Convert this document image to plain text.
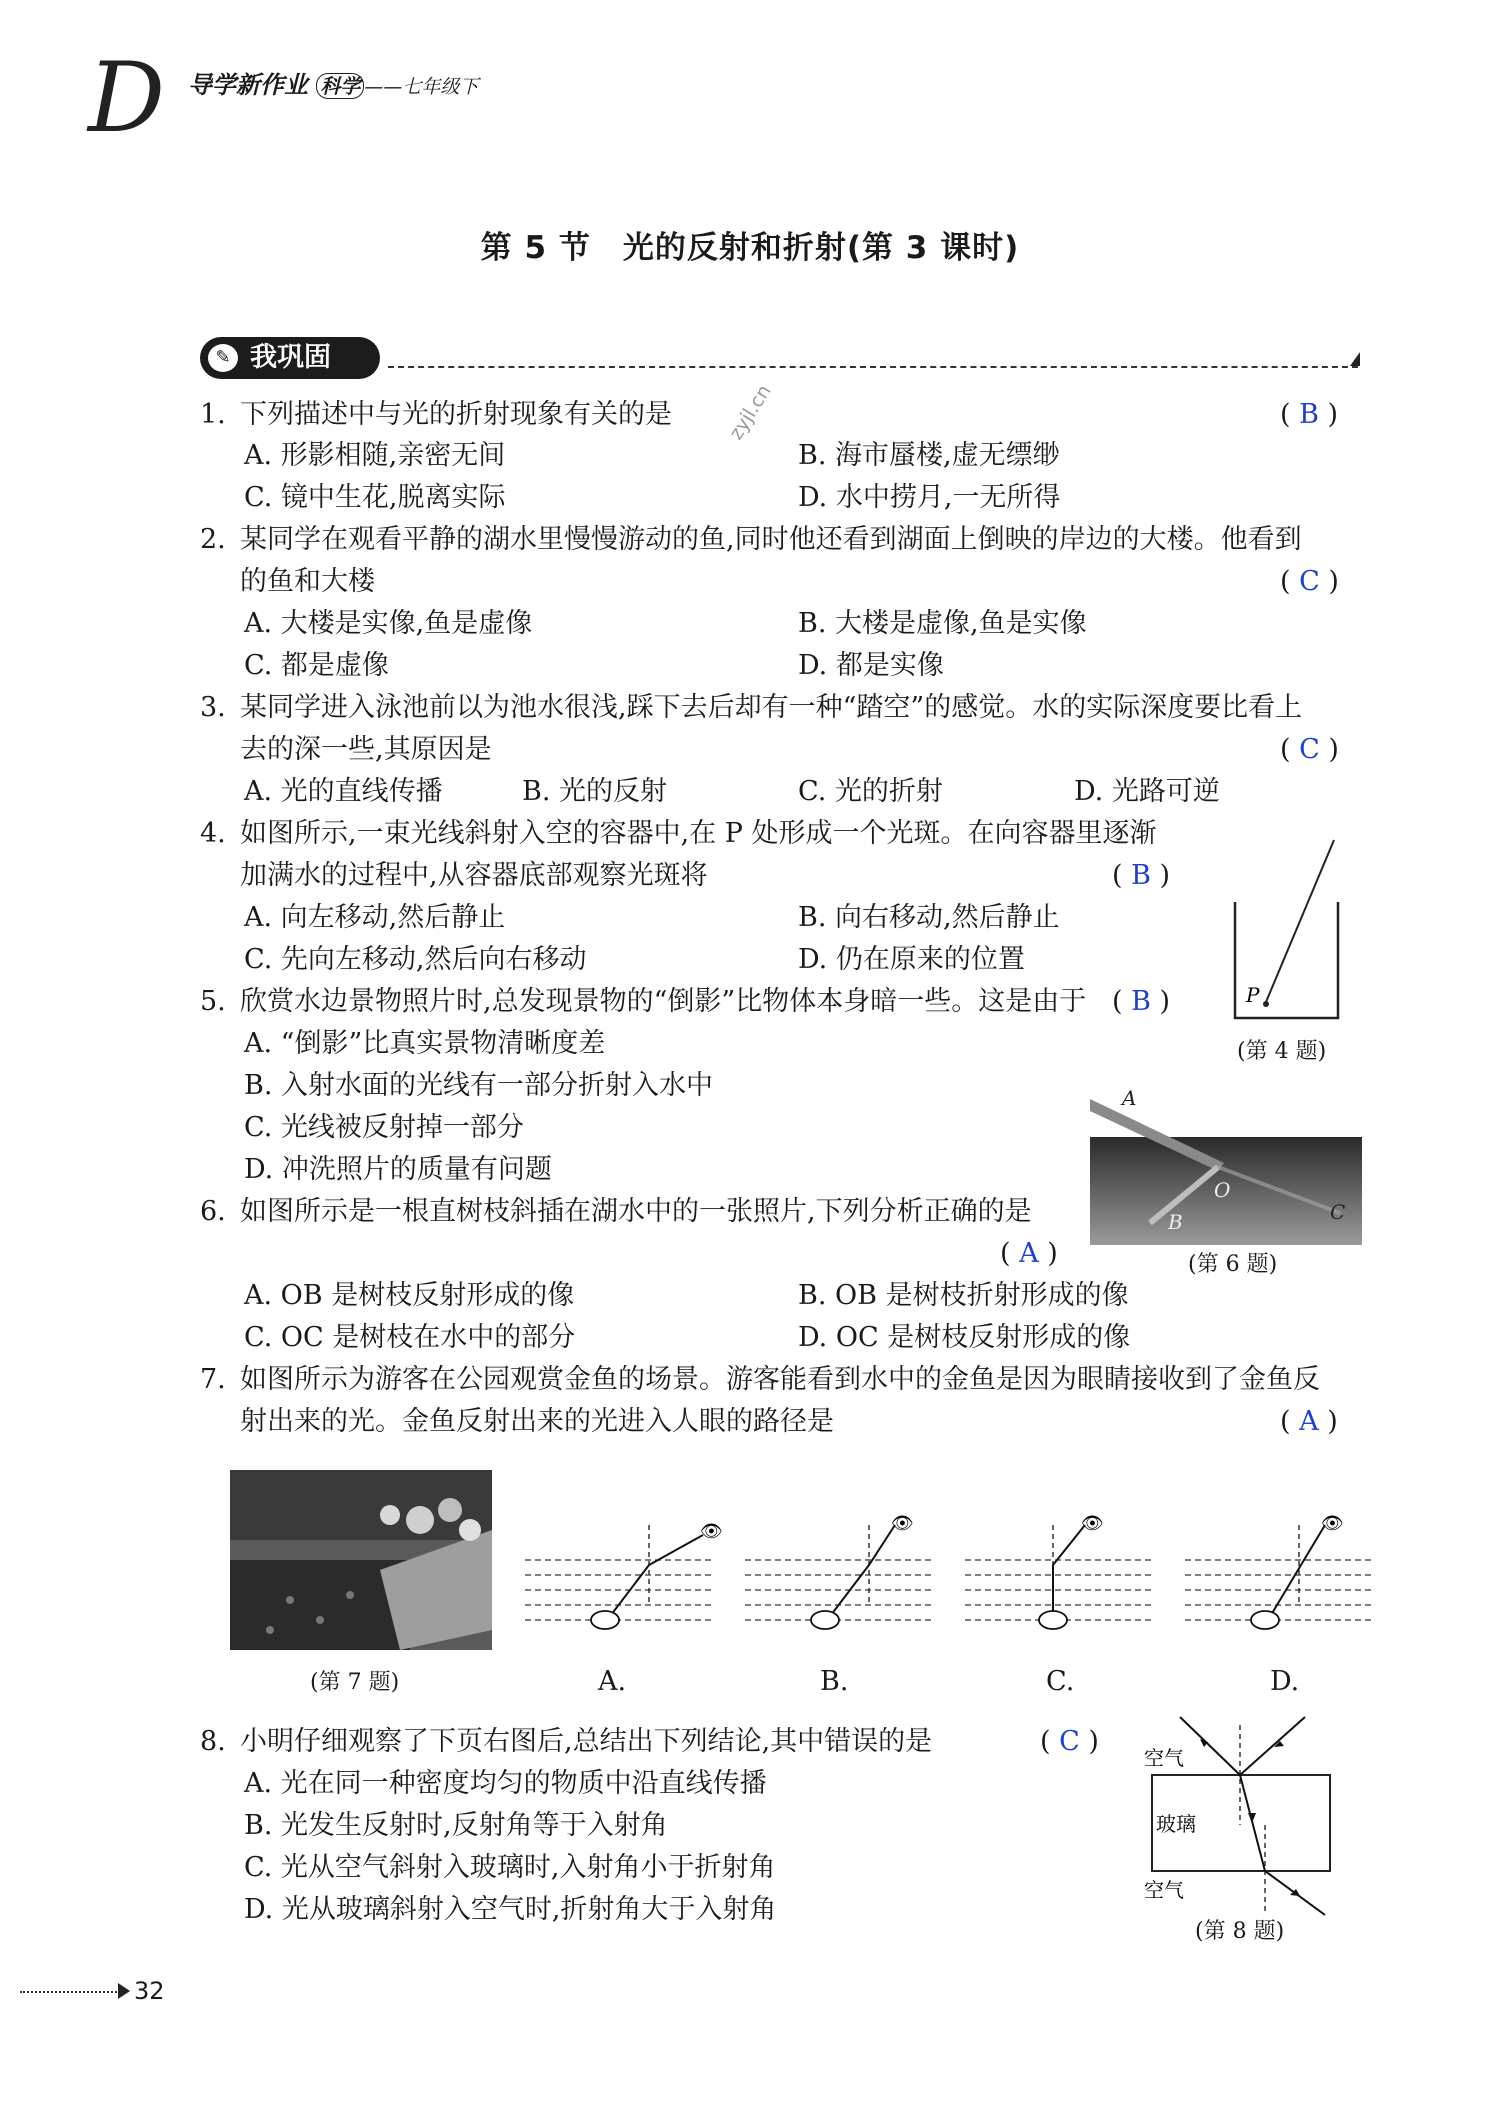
D 导学新作业 科学 ——七年级下
第 5 节　光的反射和折射(第 3 课时)
我巩固
✎
zyjl.cn
1. 下列描述中与光的折射现象有关的是	( B )
A. 形影相随,亲密无间	B. 海市蜃楼,虚无缥缈
C. 镜中生花,脱离实际	D. 水中捞月,一无所得
2. 某同学在观看平静的湖水里慢慢游动的鱼,同时他还看到湖面上倒映的岸边的大楼。他看到
的鱼和大楼	( C )
A. 大楼是实像,鱼是虚像	B. 大楼是虚像,鱼是实像
C. 都是虚像	D. 都是实像
3. 某同学进入泳池前以为池水很浅,踩下去后却有一种“踏空”的感觉。水的实际深度要比看上
去的深一些,其原因是	( C )
A. 光的直线传播	B. 光的反射	C. 光的折射	D. 光路可逆
4. 如图所示,一束光线斜射入空的容器中,在 P 处形成一个光斑。在向容器里逐渐
加满水的过程中,从容器底部观察光斑将	( B )
A. 向左移动,然后静止	B. 向右移动,然后静止
C. 先向左移动,然后向右移动	D. 仍在原来的位置
P
(第 4 题)
5. 欣赏水边景物照片时,总发现景物的“倒影”比物体本身暗一些。这是由于 ( B )
A. “倒影”比真实景物清晰度差
B. 入射水面的光线有一部分折射入水中
C. 光线被反射掉一部分
D. 冲洗照片的质量有问题
A
O
B	C
(第 6 题)
6. 如图所示是一根直树枝斜插在湖水中的一张照片,下列分析正确的是
( A )
A. OB 是树枝反射形成的像	B. OB 是树枝折射形成的像
C. OC 是树枝在水中的部分	D. OC 是树枝反射形成的像
7. 如图所示为游客在公园观赏金鱼的场景。游客能看到水中的金鱼是因为眼睛接收到了金鱼反
射出来的光。金鱼反射出来的光进入人眼的路径是	( A )
(第 7 题)
👁	👁	👁	👁
A.	B.	C.	D.
8. 小明仔细观察了下页右图后,总结出下列结论,其中错误的是	( C )
A. 光在同一种密度均匀的物质中沿直线传播
B. 光发生反射时,反射角等于入射角
C. 光从空气斜射入玻璃时,入射角小于折射角
D. 光从玻璃斜射入空气时,折射角大于入射角
空气
玻璃
空气
(第 8 题)
32
